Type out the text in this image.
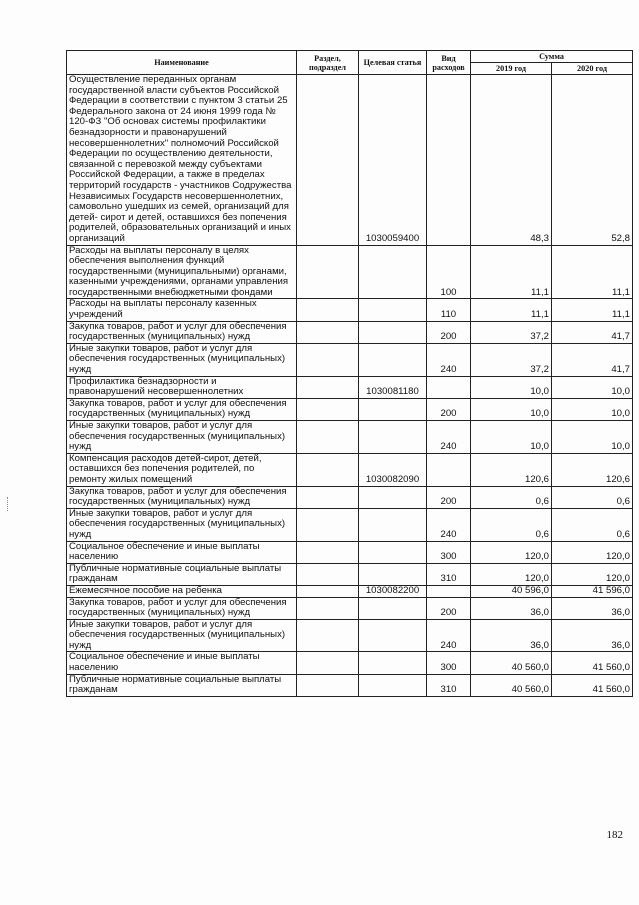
Наименование	Раздел, подраздел	Целевая статья	Вид расходов	Сумма	
				2019 год	2020 год
Осуществление переданных органам государственной власти субъектов Российской Федерации в соответствии с пунктом 3 статьи 25 Федерального закона от 24 июня 1999 года № 120-ФЗ "Об основах системы профилактики безнадзорности и правонарушений несовершеннолетних" полномочий Российской Федерации по осуществлению деятельности, связанной с перевозкой между субъектами Российской Федерации, а также в пределах территорий государств - участников Содружества Независимых Государств несовершеннолетних, самовольно ушедших из семей, организаций для детей- сирот и детей, оставшихся без попечения родителей, образовательных организаций и иных организаций		1030059400		48,3	52,8
Расходы на выплаты персоналу в целях обеспечения выполнения функций государственными (муниципальными) органами, казенными учреждениями, органами управления государственными внебюджетными фондами			100	11,1	11,1
Расходы на выплаты персоналу казенных учреждений			110	11,1	11,1
Закупка товаров, работ и услуг для обеспечения государственных (муниципальных) нужд			200	37,2	41,7
Иные закупки товаров, работ и услуг для обеспечения государственных (муниципальных) нужд			240	37,2	41,7
Профилактика безнадзорности и правонарушений несовершеннолетних		1030081180		10,0	10,0
Закупка товаров, работ и услуг для обеспечения государственных (муниципальных) нужд			200	10,0	10,0
Иные закупки товаров, работ и услуг для обеспечения государственных (муниципальных) нужд			240	10,0	10,0
Компенсация расходов детей-сирот, детей, оставшихся без попечения родителей, по ремонту жилых помещений		1030082090		120,6	120,6
Закупка товаров, работ и услуг для обеспечения государственных (муниципальных) нужд			200	0,6	0,6
Иные закупки товаров, работ и услуг для обеспечения государственных (муниципальных) нужд			240	0,6	0,6
Социальное обеспечение и иные выплаты населению			300	120,0	120,0
Публичные нормативные социальные выплаты гражданам			310	120,0	120,0
Ежемесячное пособие на ребенка		1030082200		40 596,0	41 596,0
Закупка товаров, работ и услуг для обеспечения государственных (муниципальных) нужд			200	36,0	36,0
Иные закупки товаров, работ и услуг для обеспечения государственных (муниципальных) нужд			240	36,0	36,0
Социальное обеспечение и иные выплаты населению			300	40 560,0	41 560,0
Публичные нормативные социальные выплаты гражданам			310	40 560,0	41 560,0
182
